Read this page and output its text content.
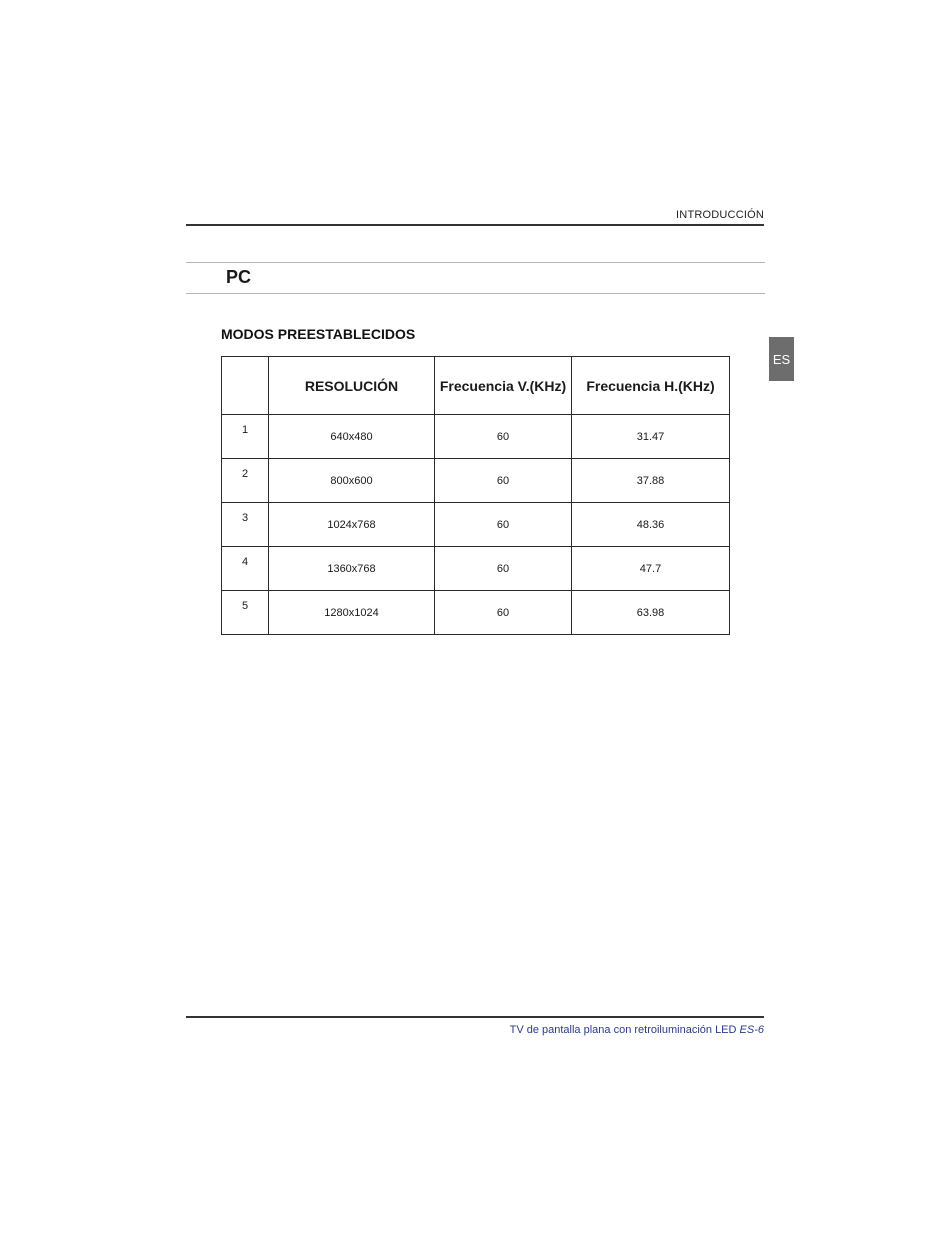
INTRODUCCIÓN
PC
ES
MODOS PREESTABLECIDOS
	RESOLUCIÓN	Frecuencia V.(KHz)	Frecuencia H.(KHz)
1	640x480	60	31.47
2	800x600	60	37.88
3	1024x768	60	48.36
4	1360x768	60	47.7
5	1280x1024	60	63.98
TV de pantalla plana con retroiluminación LED ES-6
